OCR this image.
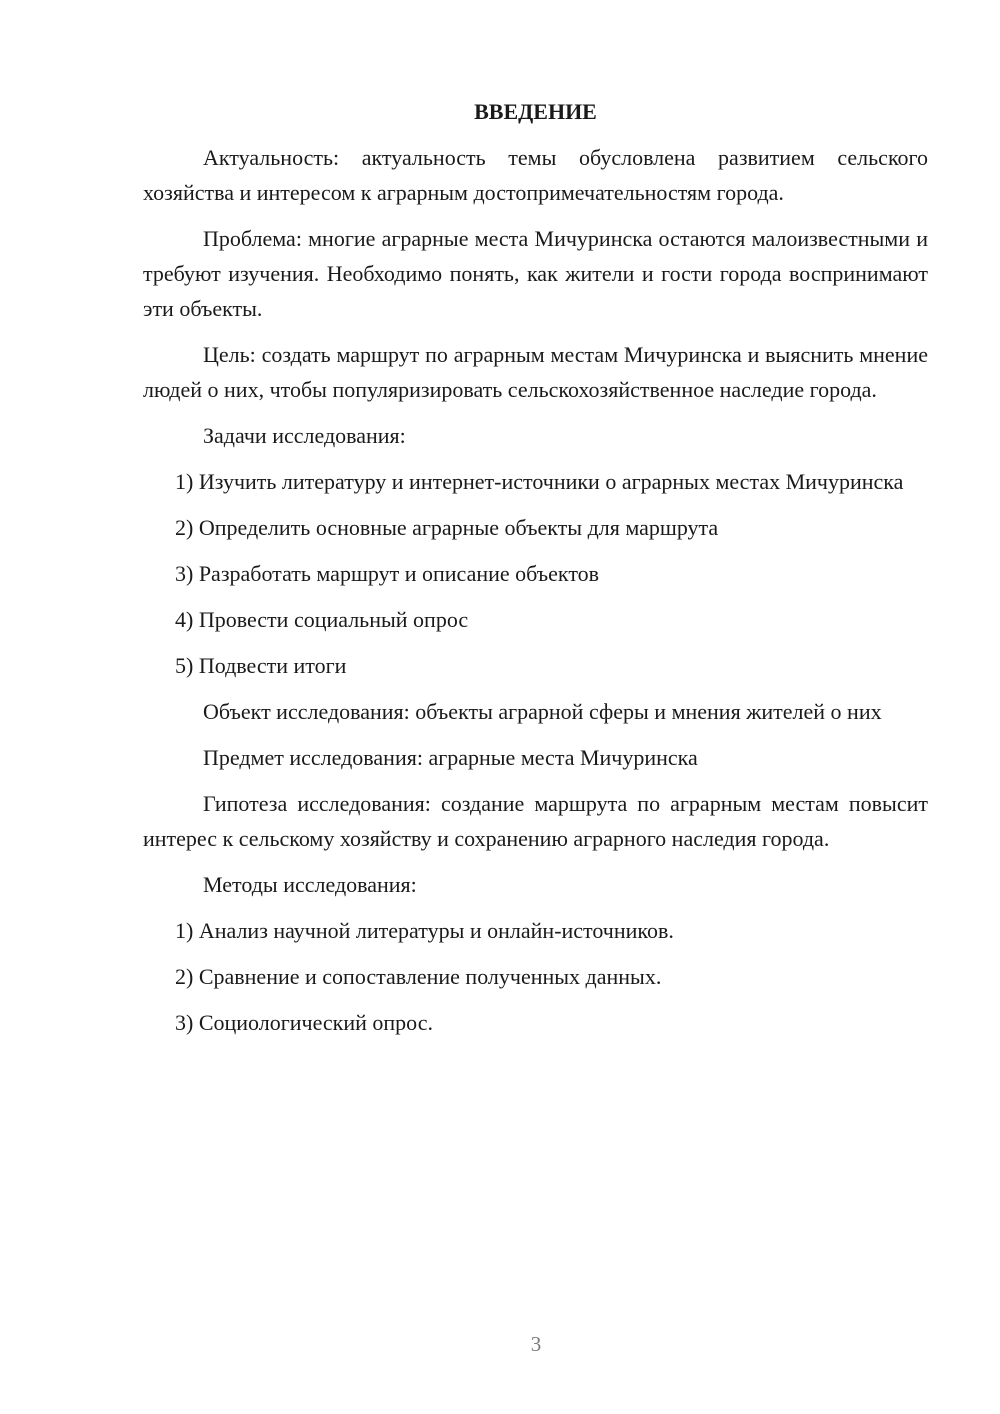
ВВЕДЕНИЕ

Актуальность: актуальность темы обусловлена развитием сельского хозяйства и интересом к аграрным достопримечательностям города.

Проблема: многие аграрные места Мичуринска остаются малоизвестными и требуют изучения. Необходимо понять, как жители и гости города воспринимают эти объекты.

Цель: создать маршрут по аграрным местам Мичуринска и выяснить мнение людей о них, чтобы популяризировать сельскохозяйственное наследие города.

Задачи исследования:

1) Изучить литературу и интернет-источники о аграрных местах Мичуринска

2) Определить основные аграрные объекты для маршрута

3) Разработать маршрут и описание объектов

4) Провести социальный опрос

5) Подвести итоги

Объект исследования: объекты аграрной сферы и мнения жителей о них

Предмет исследования: аграрные места Мичуринска

Гипотеза исследования: создание маршрута по аграрным местам повысит интерес к сельскому хозяйству и сохранению аграрного наследия города.

Методы исследования:

1) Анализ научной литературы и онлайн-источников.

2) Сравнение и сопоставление полученных данных.

3) Социологический опрос.

3
